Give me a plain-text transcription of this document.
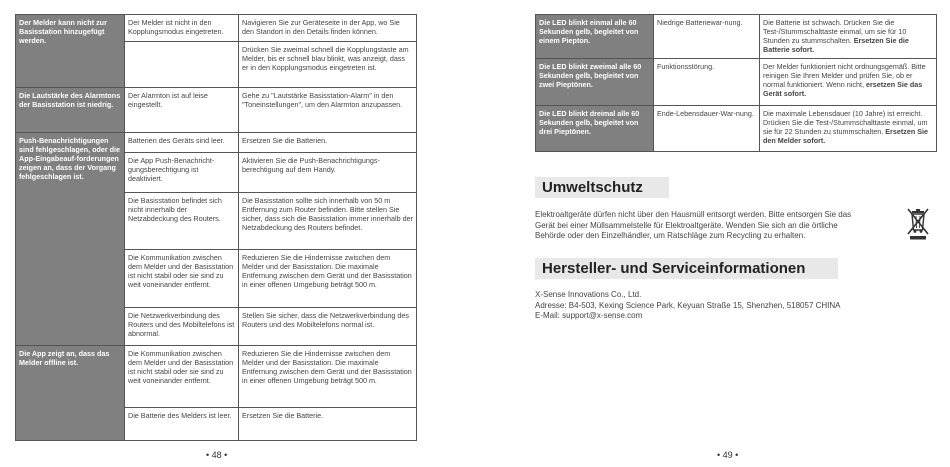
Der Melder kann nicht zur Basisstation hinzugefügt werden.	Der Melder ist nicht in den Kopplungsmodus eingetreten.	Navigieren Sie zur Geräteseite in der App, wo Sie den Standort in den Details finden können.
		Drücken Sie zweimal schnell die Kopplungstaste am Melder, bis er schnell blau blinkt, was anzeigt, dass er in den Kopplungsmodus eingetreten ist.
Die Lautstärke des Alarmtons der Basisstation ist niedrig.	Der Alarmton ist auf leise eingestellt.	Gehe zu "Lautstärke Basisstation-Alarm" in den "Toneinstellungen", um den Alarmton anzupassen.
Push-Benachrichtigungen sind fehlgeschlagen, oder die App-Eingabeauf-forderungen zeigen an, dass der Vorgang fehlgeschlagen ist.	Batterien des Geräts sind leer.	Ersetzen Sie die Batterien.
	Die App Push-Benachricht-gungsberechtigung ist deaktiviert.	Aktivieren Sie die Push-Benachrichtigungs-berechtigung auf dem Handy.
	Die Basisstation befindet sich nicht innerhalb der Netzabdeckung des Routers.	Die Basisstation sollte sich innerhalb von 50 m Entfernung zum Router befinden. Bitte stellen Sie sicher, dass sich die Basisstation immer innerhalb der Netzabdeckung des Routers befindet.
	Die Kommunikation zwischen dem Melder und der Basisstation ist nicht stabil oder sie sind zu weit voneinander entfernt.	Reduzieren Sie die Hindernisse zwischen dem Melder und der Basisstation. Die maximale Entfernung zwischen dem Gerät und der Basisstation in einer offenen Umgebung beträgt 500 m.
	Die Netzwerkverbindung des Routers und des Mobiltelefons ist abnormal.	Stellen Sie sicher, dass die Netzwerkverbindung des Routers und des Mobiltelefons normal ist.
Die App zeigt an, dass das Melder offline ist.	Die Kommunikation zwischen dem Melder und der Basisstation ist nicht stabil oder sie sind zu weit voneinander entfernt.	Reduzieren Sie die Hindernisse zwischen dem Melder und der Basisstation. Die maximale Entfernung zwischen dem Gerät und der Basisstation in einer offenen Umgebung beträgt 500 m.
	Die Batterie des Melders ist leer.	Ersetzen Sie die Batterie.
• 48 •
Die LED blinkt einmal alle 60 Sekunden gelb, begleitet von einem Piepton.	Niedrige Batteriewar-nung.	Die Batterie ist schwach. Drücken Sie die Test-/Stummschalttaste einmal, um sie für 10 Stunden zu stummschalten. Ersetzen Sie die Batterie sofort.
Die LED blinkt zweimal alle 60 Sekunden gelb, begleitet von zwei Pieptönen.	Funktionsstörung.	Der Melder funktioniert nicht ordnungsgemäß. Bitte reinigen Sie Ihren Melder und prüfen Sie, ob er normal funktioniert. Wenn nicht, ersetzen Sie das Gerät sofort.
Die LED blinkt dreimal alle 60 Sekunden gelb, begleitet von drei Pieptönen.	Ende-Lebensdauer-War-nung.	Die maximale Lebensdauer (10 Jahre) ist erreicht. Drücken Sie die Test-/Stummschalttaste einmal, um sie für 22 Stunden zu stummschalten. Ersetzen Sie den Melder sofort.
• 49 •
Umweltschutz
Elektroaltgeräte dürfen nicht über den Hausmüll entsorgt werden. Bitte entsorgen Sie das
Gerät bei einer Müllsammelstelle für Elektroaltgeräte. Wenden Sie sich an die örtliche
Behörde oder den Einzelhändler, um Ratschläge zum Recycling zu erhalten.
Hersteller- und Serviceinformationen
X-Sense Innovations Co., Ltd.
Adresse: B4-503, Kexing Science Park, Keyuan Straße 15, Shenzhen, 518057 CHINA
E-Mail: support@x-sense.com
